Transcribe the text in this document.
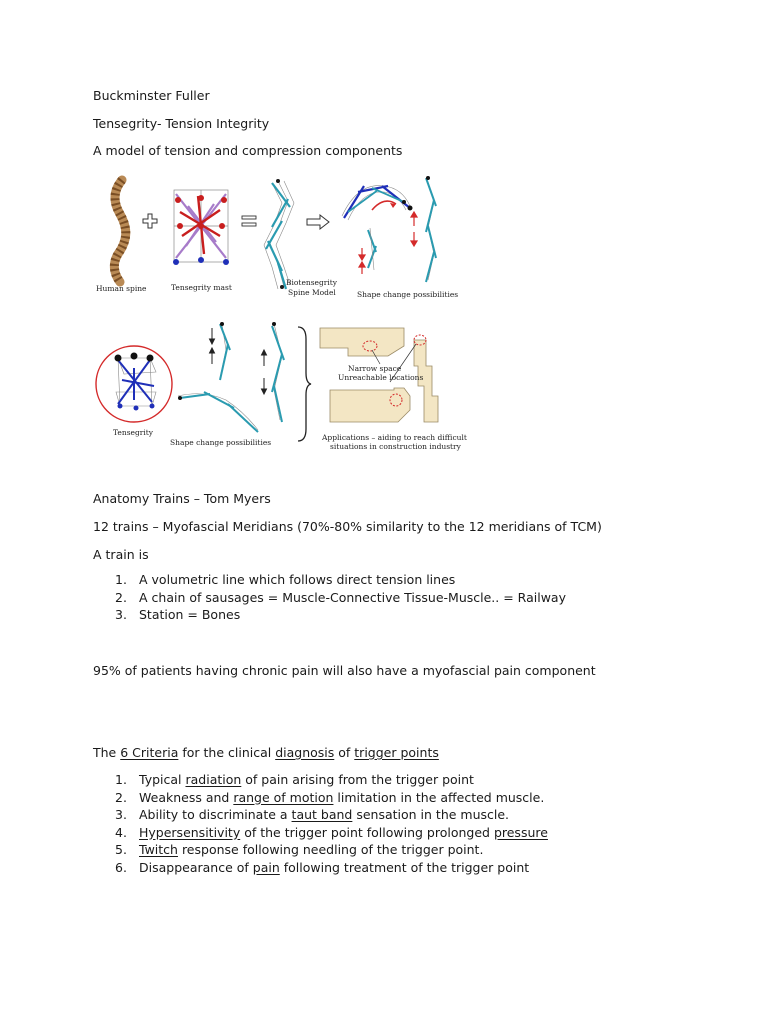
Buckminster Fuller
Tensegrity- Tension Integrity
A model of tension and compression components
Human spine	Tensegrity mast
Biotensegrity
Spine Model	Shape change possibilities
Tensegrity
Shape change possibilities
Narrow space
Unreachable locations
Applications – aiding to reach difficult
situations in construction industry
Anatomy Trains – Tom Myers
12 trains – Myofascial Meridians (70%-80% similarity to the 12 meridians of TCM)
A train is
1. A volumetric line which follows direct tension lines
2. A chain of sausages = Muscle-Connective Tissue-Muscle.. = Railway
3. Station = Bones
95% of patients having chronic pain will also have a myofascial pain component
The 6 Criteria for the clinical diagnosis of trigger points
1. Typical radiation of pain arising from the trigger point
2. Weakness and range of motion limitation in the affected muscle.
3. Ability to discriminate a taut band sensation in the muscle.
4. Hypersensitivity of the trigger point following prolonged pressure
5. Twitch response following needling of the trigger point.
6. Disappearance of pain following treatment of the trigger point
